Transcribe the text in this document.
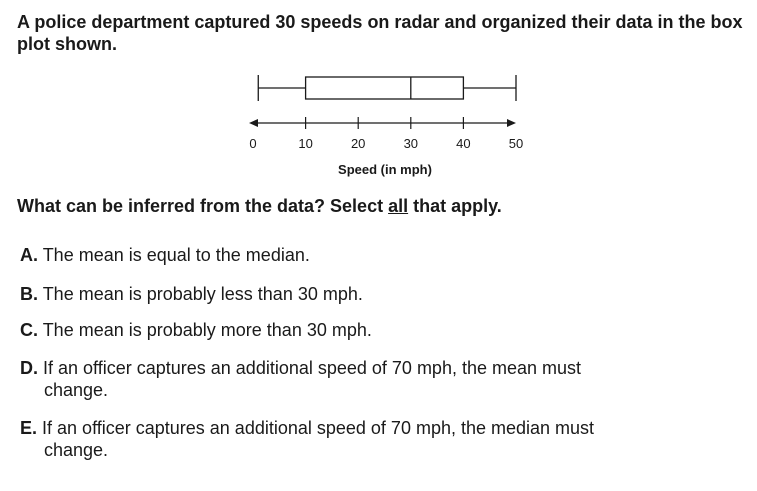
A police department captured 30 speeds on radar and organized their data in the box plot shown.

0	10	20	30	40	50
Speed (in mph)

What can be inferred from the data? Select all that apply.

A. The mean is equal to the median.
B. The mean is probably less than 30 mph.
C. The mean is probably more than 30 mph.
D. If an officer captures an additional speed of 70 mph, the mean must
change.
E. If an officer captures an additional speed of 70 mph, the median must
change.
